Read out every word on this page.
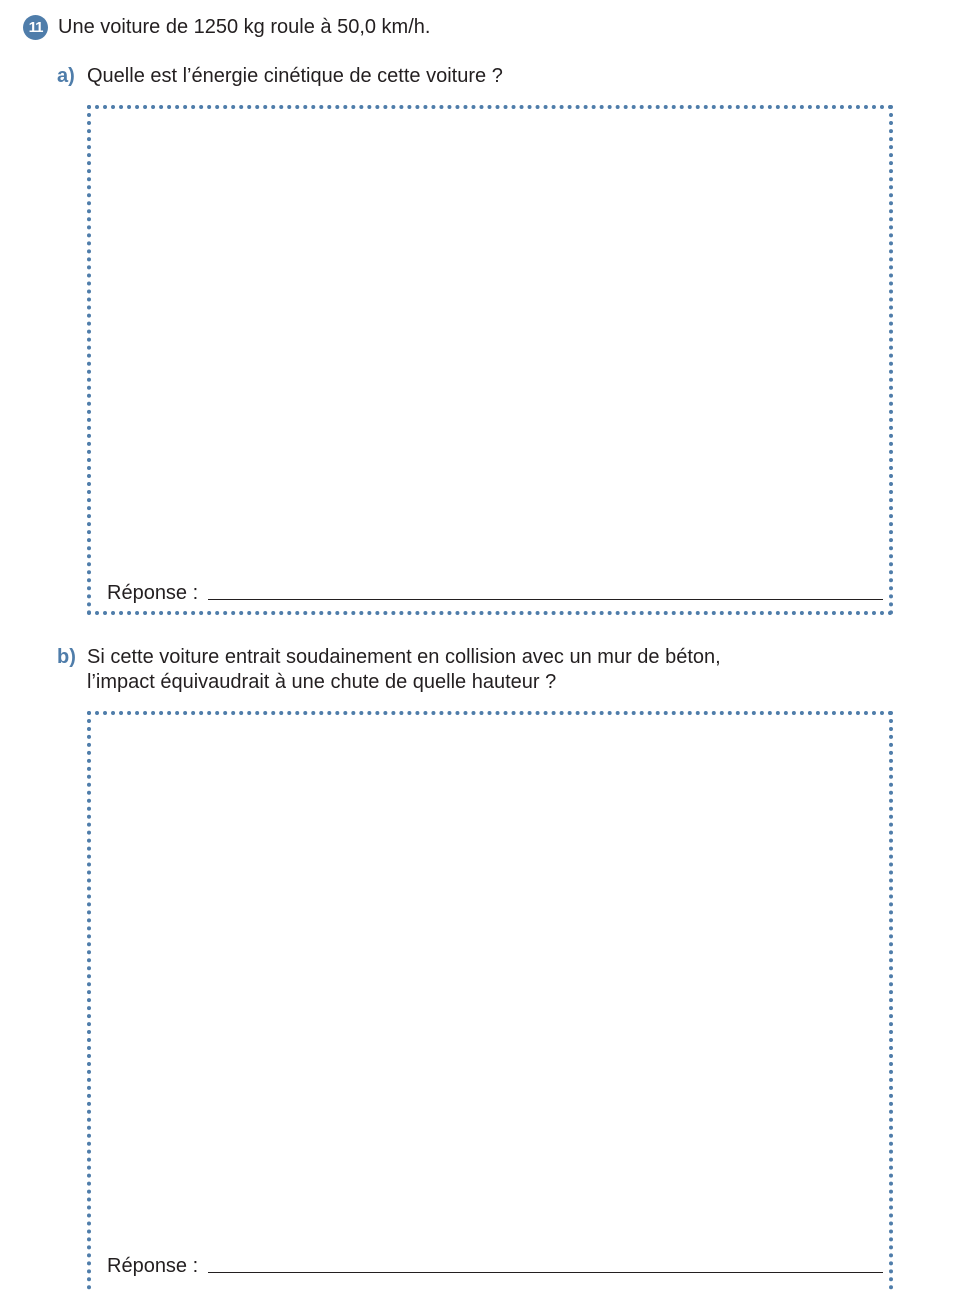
11 Une voiture de 1250 kg roule à 50,0 km/h.
a) Quelle est l’énergie cinétique de cette voiture ?
Réponse :
b) Si cette voiture entrait soudainement en collision avec un mur de béton,
l’impact équivaudrait à une chute de quelle hauteur ?
Réponse :
